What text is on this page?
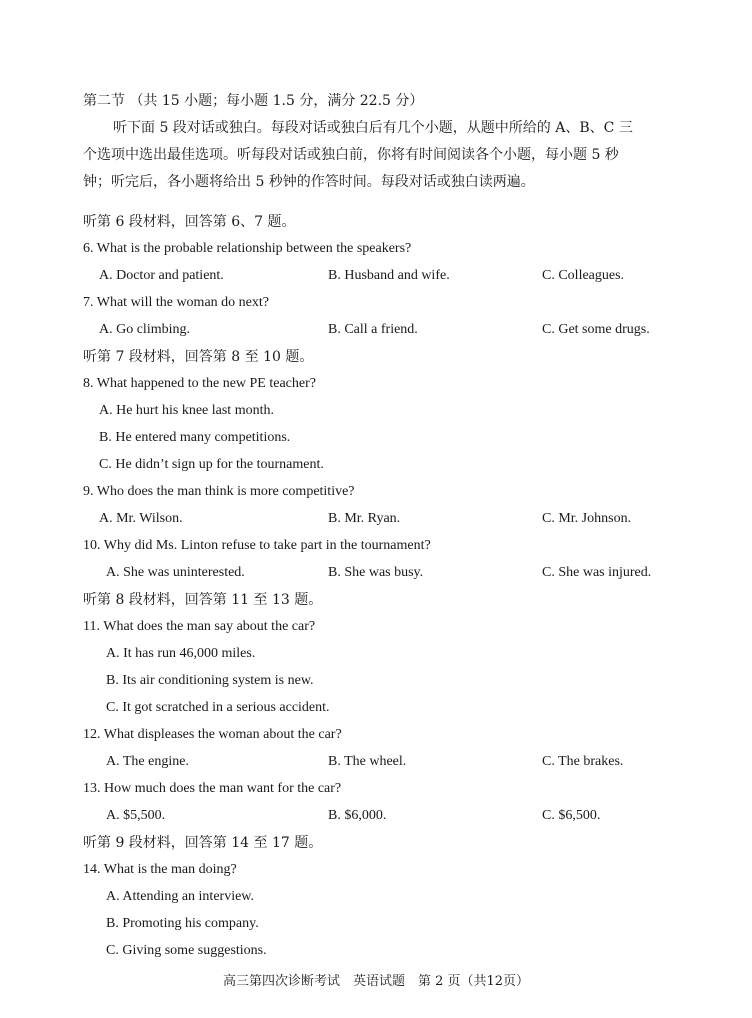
第二节 （共 15 小题；每小题 1.5 分，满分 22.5 分）
听下面 5 段对话或独白。每段对话或独白后有几个小题，从题中所给的 A、B、C 三
个选项中选出最佳选项。听每段对话或独白前，你将有时间阅读各个小题，每小题 5 秒
钟；听完后，各小题将给出 5 秒钟的作答时间。每段对话或独白读两遍。
听第 6 段材料，回答第 6、7 题。
6. What is the probable relationship between the speakers?
A. Doctor and patient.	B. Husband and wife.	C. Colleagues.
7. What will the woman do next?
A. Go climbing.	B. Call a friend.	C. Get some drugs.
听第 7 段材料，回答第 8 至 10 题。
8. What happened to the new PE teacher?
A. He hurt his knee last month.
B. He entered many competitions.
C. He didn’t sign up for the tournament.
9. Who does the man think is more competitive?
A. Mr. Wilson.	B. Mr. Ryan.	C. Mr. Johnson.
10. Why did Ms. Linton refuse to take part in the tournament?
A. She was uninterested.	B. She was busy.	C. She was injured.
听第 8 段材料，回答第 11 至 13 题。
11. What does the man say about the car?
A. It has run 46,000 miles.
B. Its air conditioning system is new.
C. It got scratched in a serious accident.
12. What displeases the woman about the car?
A. The engine.	B. The wheel.	C. The brakes.
13. How much does the man want for the car?
A. $5,500.	B. $6,000.	C. $6,500.
听第 9 段材料，回答第 14 至 17 题。
14. What is the man doing?
A. Attending an interview.
B. Promoting his company.
C. Giving some suggestions.
高三第四次诊断考试　英语试题　第 2 页（共12页）
